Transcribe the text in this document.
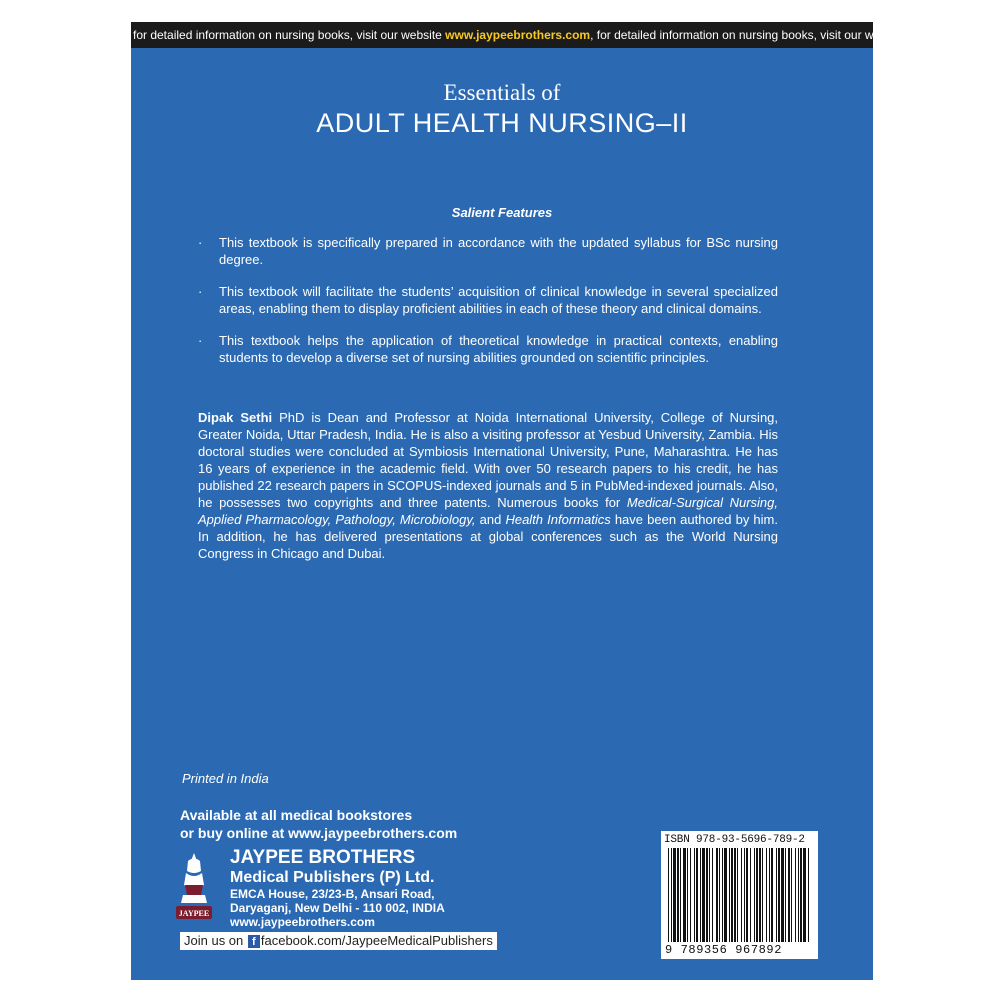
for detailed information on nursing books, visit our website www.jaypeebrothers.com, for detailed information on nursing books, visit our website
Essentials of
ADULT HEALTH NURSING–II
Salient Features
· This textbook is specifically prepared in accordance with the updated syllabus for BSc nursing degree.
· This textbook will facilitate the students’ acquisition of clinical knowledge in several specialized areas, enabling them to display proficient abilities in each of these theory and clinical domains.
· This textbook helps the application of theoretical knowledge in practical contexts, enabling students to develop a diverse set of nursing abilities grounded on scientific principles.

Dipak Sethi PhD is Dean and Professor at Noida International University, College of Nursing, Greater Noida, Uttar Pradesh, India. He is also a visiting professor at Yesbud University, Zambia. His doctoral studies were concluded at Symbiosis International University, Pune, Maharashtra. He has 16 years of experience in the academic field. With over 50 research papers to his credit, he has published 22 research papers in SCOPUS-indexed journals and 5 in PubMed-indexed journals. Also, he possesses two copyrights and three patents. Numerous books for Medical-Surgical Nursing, Applied Pharmacology, Pathology, Microbiology, and Health Informatics have been authored by him. In addition, he has delivered presentations at global conferences such as the World Nursing Congress in Chicago and Dubai.

Printed in India
Available at all medical bookstores
or buy online at www.jaypeebrothers.com
JAYPEE
JAYPEE BROTHERS
Medical Publishers (P) Ltd.
EMCA House, 23/23-B, Ansari Road,
Daryaganj, New Delhi - 110 002, INDIA
www.jaypeebrothers.com
Join us on f facebook.com/JaypeeMedicalPublishers
ISBN 978-93-5696-789-2
9 789356 967892
